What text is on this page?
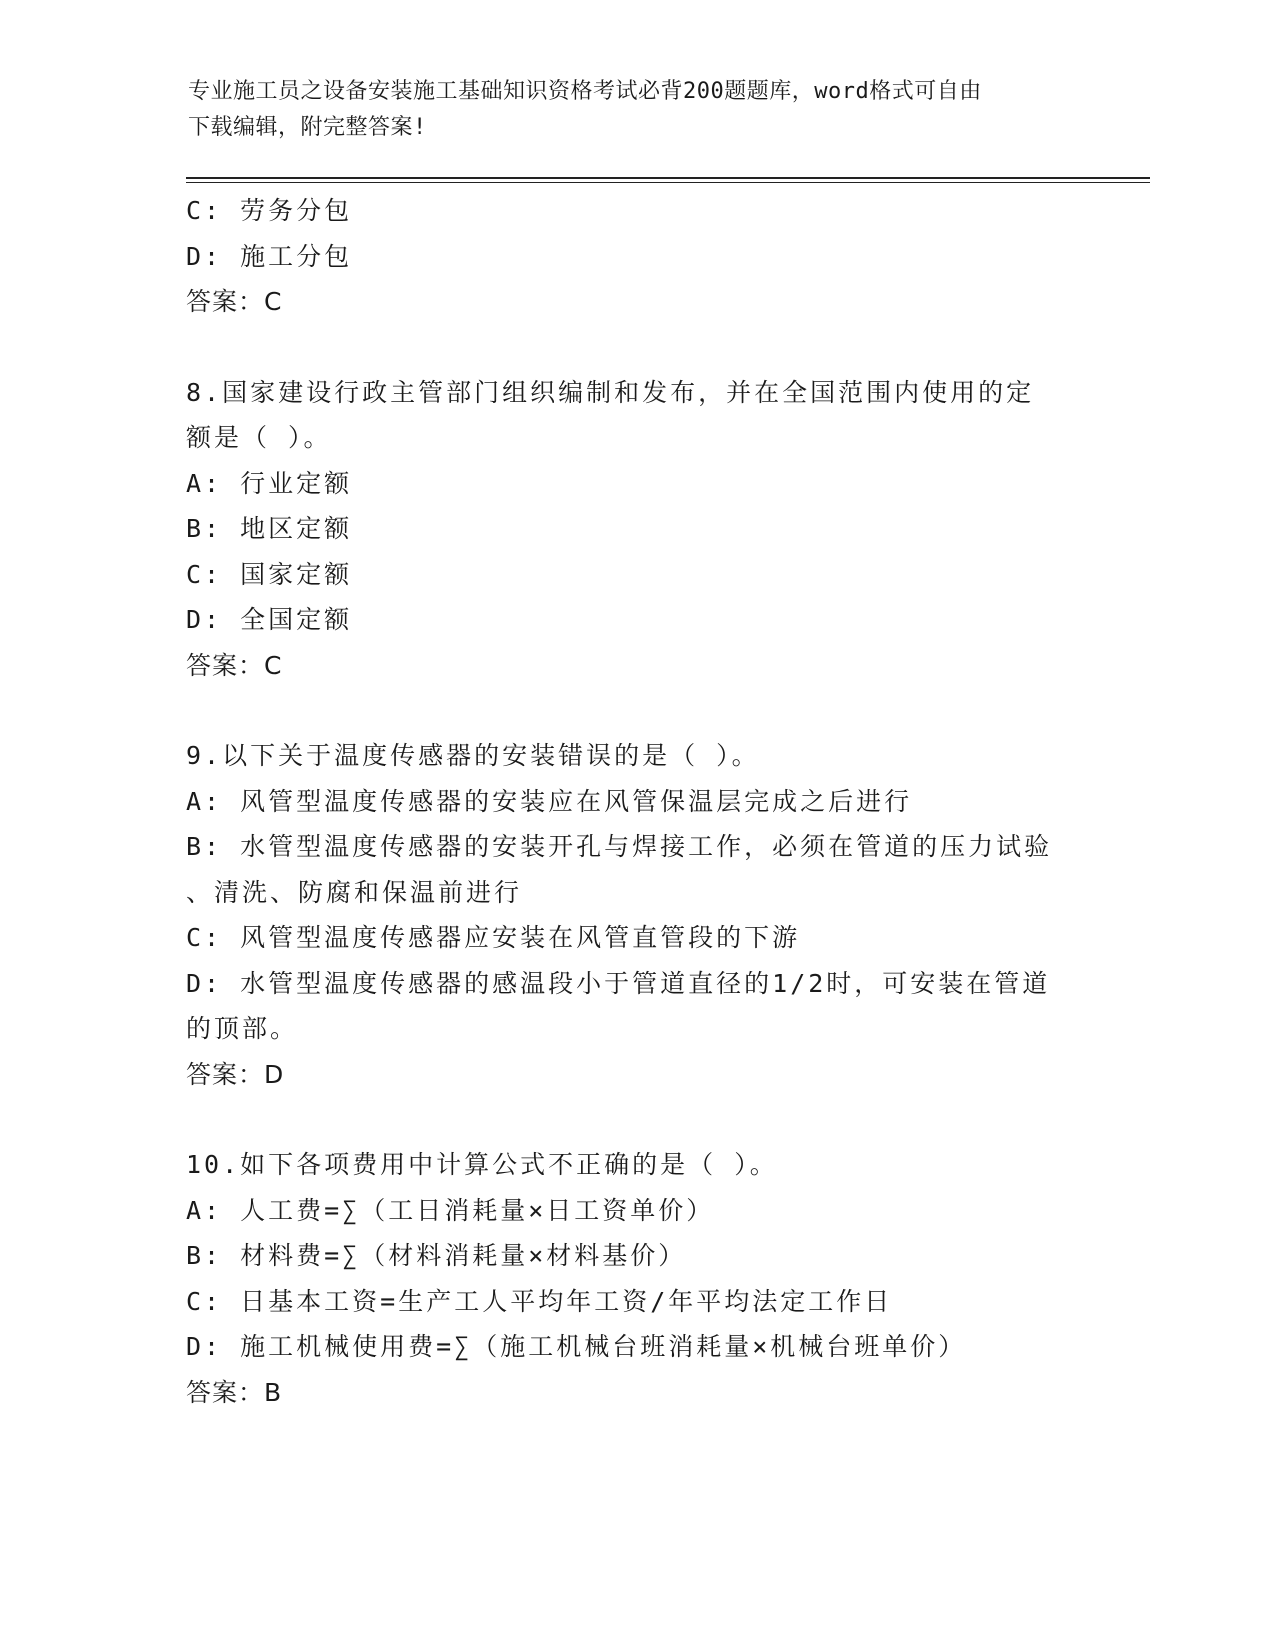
专业施工员之设备安装施工基础知识资格考试必背200题题库，word格式可自由
下载编辑，附完整答案!
C: 劳务分包
D: 施工分包
答案：C
8.国家建设行政主管部门组织编制和发布，并在全国范围内使用的定
额是（ ）。
A: 行业定额
B: 地区定额
C: 国家定额
D: 全国定额
答案：C
9.以下关于温度传感器的安装错误的是（ ）。
A: 风管型温度传感器的安装应在风管保温层完成之后进行
B: 水管型温度传感器的安装开孔与焊接工作，必须在管道的压力试验
、清洗、防腐和保温前进行
C: 风管型温度传感器应安装在风管直管段的下游
D: 水管型温度传感器的感温段小于管道直径的1/2时，可安装在管道
的顶部。
答案：D
10.如下各项费用中计算公式不正确的是（ ）。
A: 人工费=∑（工日消耗量×日工资单价）
B: 材料费=∑（材料消耗量×材料基价）
C: 日基本工资=生产工人平均年工资/年平均法定工作日
D: 施工机械使用费=∑（施工机械台班消耗量×机械台班单价）
答案：B
